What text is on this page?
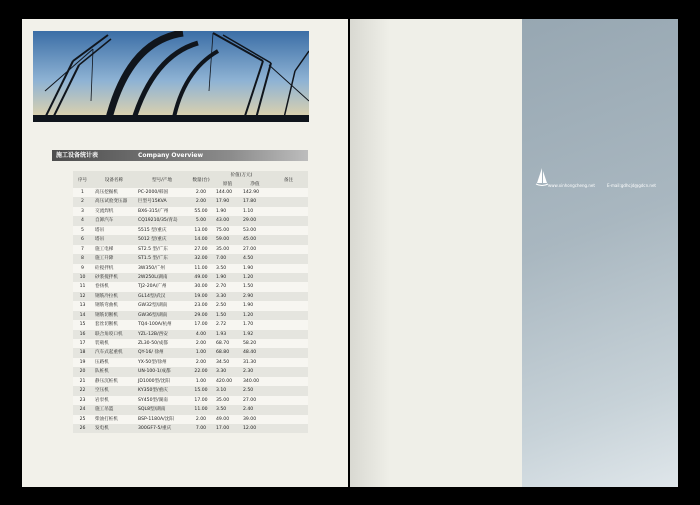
施工设备统计表	Company Overview
序号	设备名称	型号/产地	数量(台)	价值(万元)		备注
				原值	净值	
1	高压挖掘机	PC-2000/韩国	2.00	144.00	142.90	
2	高压试验变压器	巨型号15KVA	2.00	17.90	17.80	
3	交流焊机	BX6-315/广州	55.00	1.90	1.10	
4	自卸汽车	CQ19210/35/青岛	5.00	43.00	29.00	
5	塔吊	5515 型/重庆	13.00	75.00	53.00	
6	塔吊	5012 型/重庆	14.00	59.00	45.00	
7	施工电梯	ST2.5 型/广东	27.00	35.00	27.00	
8	施工升降	ST1.5 型/广东	32.00	7.00	4.50	
9	砼搅拌机	3W350/广州	11.00	3.50	1.90	
10	砂浆搅拌机	2W250L/湖南	49.00	1.90	1.20	
11	卷扬机	TJ2-20A/广州	30.00	2.70	1.50	
12	钢筋冷拉机	GL14型/武汉	19.00	3.30	2.90	
13	钢筋弯曲机	GW32型/湖南	23.00	2.50	1.90	
14	钢筋切断机	GW36型/湖南	29.00	1.50	1.20	
15	套丝切断机	TQ4-100A/杭州	17.00	2.72	1.70	
16	联合角咬口机	YZL-12B/西安	4.00	1.93	1.92	
17	装载机	ZL30-50/成都	2.00	68.70	58.20	
18	汽车式起重机	QY-16/ 徐州	1.00	68.80	48.40	
19	压路机	YX-50型/徐州	2.00	34.50	31.30	
20	队桩机	UN-100-1/成都	22.00	3.30	2.30	
21	静压沉桩机	JD1000型/沈阳	1.00	420.00	340.00	
22	空压机	KY350型/重庆	15.00	3.10	2.50	
23	岩泵机	SY450型/湖南	17.00	35.00	27.00	
24	施工吊篮	SQL8型/湖南	11.00	3.50	2.40	
25	柴油打桩机	BSP-1180A/沈阳	2.00	49.00	39.00	
26	发电机	300GF7-5/重庆	7.00	17.00	12.00	
www.xinhongcheng.net	E-mail:gdhcjd@gdcn.net
